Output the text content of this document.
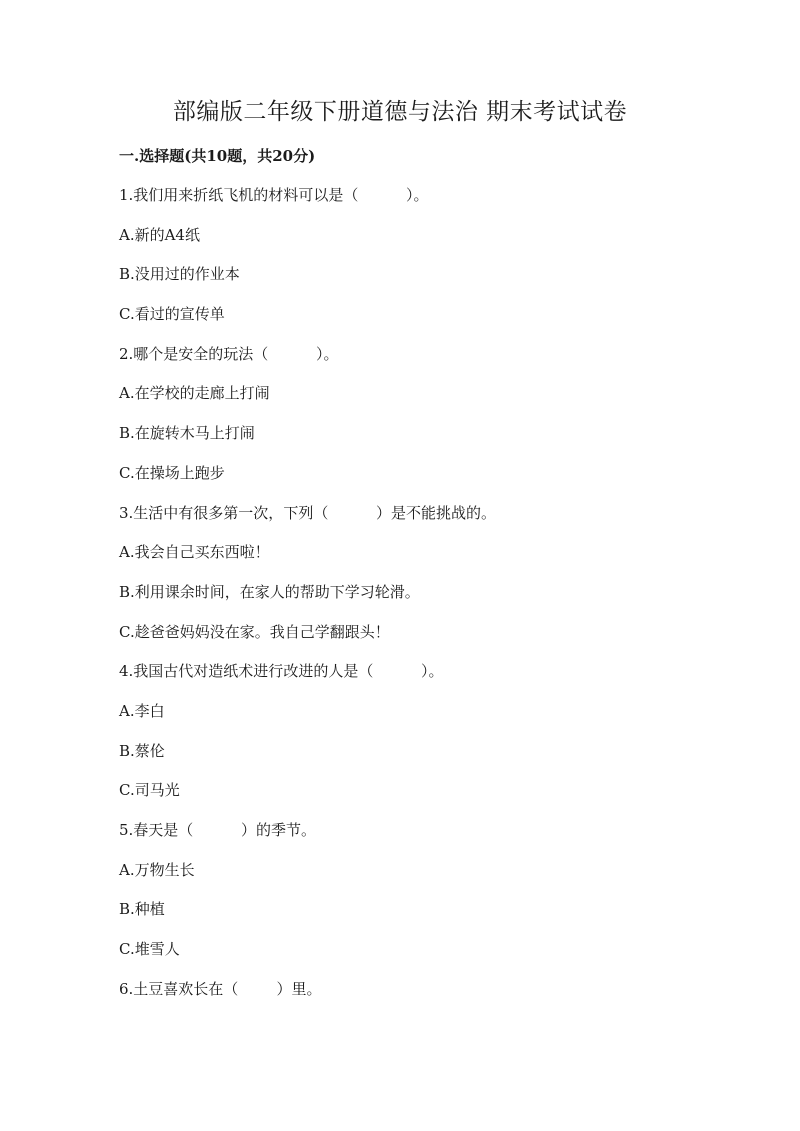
部编版二年级下册道德与法治 期末考试试卷
一.选择题(共10题，共20分)

1.我们用来折纸飞机的材料可以是（          ）。

A.新的A4纸

B.没用过的作业本

C.看过的宣传单

2.哪个是安全的玩法（          ）。

A.在学校的走廊上打闹

B.在旋转木马上打闹

C.在操场上跑步

3.生活中有很多第一次，下列（          ）是不能挑战的。

A.我会自己买东西啦！

B.利用课余时间，在家人的帮助下学习轮滑。

C.趁爸爸妈妈没在家。我自己学翻跟头！

4.我国古代对造纸术进行改进的人是（          ）。

A.李白

B.蔡伦

C.司马光

5.春天是（          ）的季节。

A.万物生长

B.种植

C.堆雪人

6.土豆喜欢长在（        ）里。
